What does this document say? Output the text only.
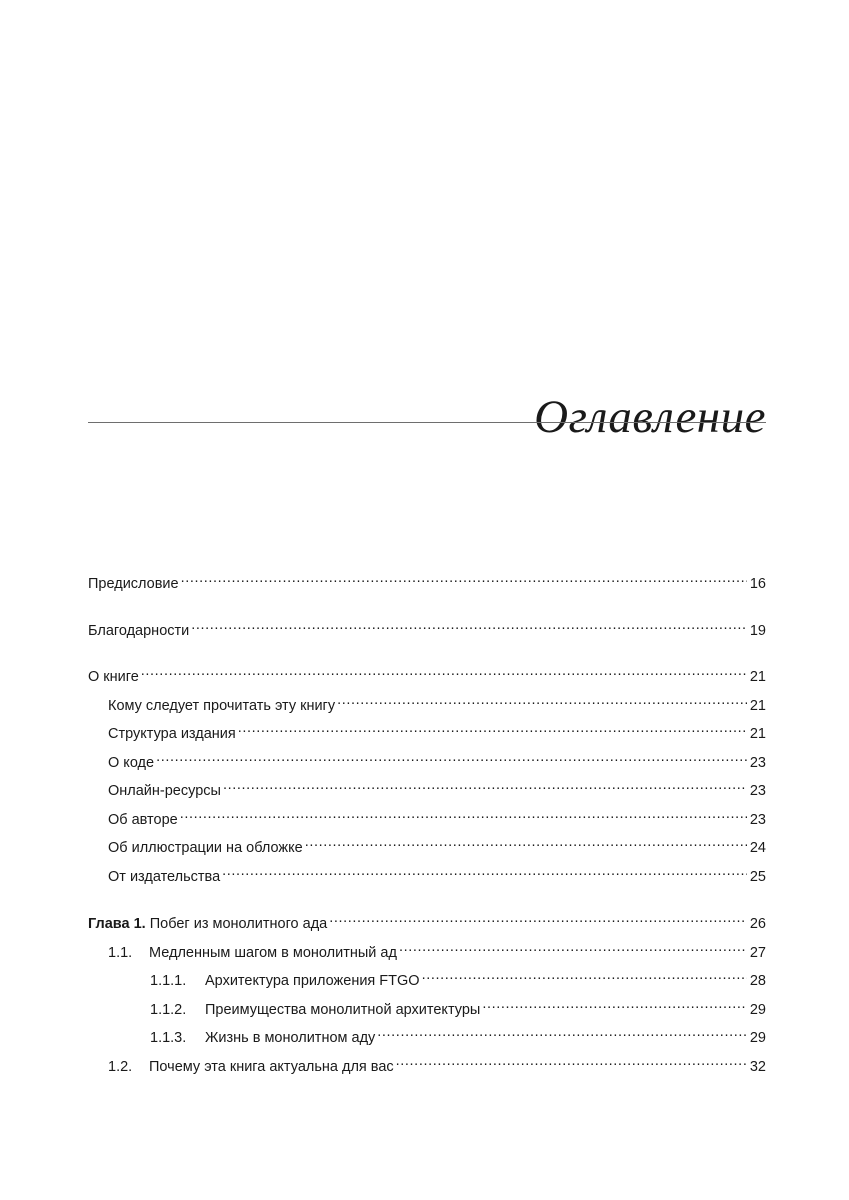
Оглавление
Предисловие .....	16
Благодарности .....	19
О книге .....	21
Кому следует прочитать эту книгу .....	21
Структура издания .....	21
О коде .....	23
Онлайн-ресурсы .....	23
Об авторе .....	23
Об иллюстрации на обложке .....	24
От издательства .....	25
Глава 1. Побег из монолитного ада .....	26
1.1.	Медленным шагом в монолитный ад .....	27
1.1.1.	Архитектура приложения FTGO .....	28
1.1.2.	Преимущества монолитной архитектуры .....	29
1.1.3.	Жизнь в монолитном аду .....	29
1.2.	Почему эта книга актуальна для вас .....	32
